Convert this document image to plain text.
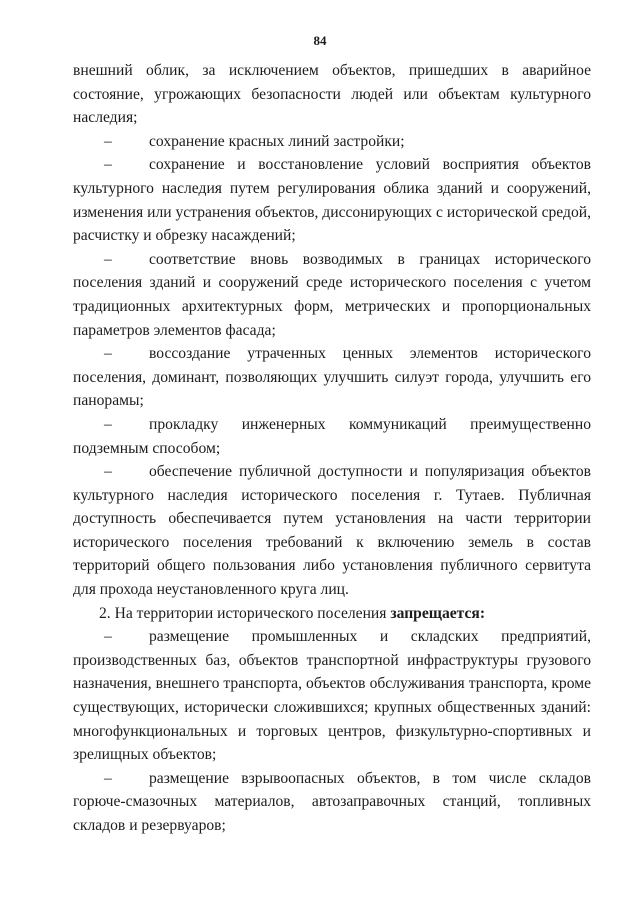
84

внешний облик, за исключением объектов, пришедших в аварийное состояние, угрожающих безопасности людей или объектам культурного наследия;

– сохранение красных линий застройки;

– сохранение и восстановление условий восприятия объектов культурного наследия путем регулирования облика зданий и сооружений, изменения или устранения объектов, диссонирующих с исторической средой, расчистку и обрезку насаждений;

– соответствие вновь возводимых в границах исторического поселения зданий и сооружений среде исторического поселения с учетом традиционных архитектурных форм, метрических и пропорциональных параметров элементов фасада;

– воссоздание утраченных ценных элементов исторического поселения, доминант, позволяющих улучшить силуэт города, улучшить его панорамы;

– прокладку инженерных коммуникаций преимущественно подземным способом;

– обеспечение публичной доступности и популяризация объектов культурного наследия исторического поселения г. Тутаев. Публичная доступность обеспечивается путем установления на части территории исторического поселения требований к включению земель в состав территорий общего пользования либо установления публичного сервитута для прохода неустановленного круга лиц.

2. На территории исторического поселения запрещается:

– размещение промышленных и складских предприятий, производственных баз, объектов транспортной инфраструктуры грузового назначения, внешнего транспорта, объектов обслуживания транспорта, кроме существующих, исторически сложившихся; крупных общественных зданий: многофункциональных и торговых центров, физкультурно-спортивных и зрелищных объектов;

– размещение взрывоопасных объектов, в том числе складов горюче-смазочных материалов, автозаправочных станций, топливных складов и резервуаров;
